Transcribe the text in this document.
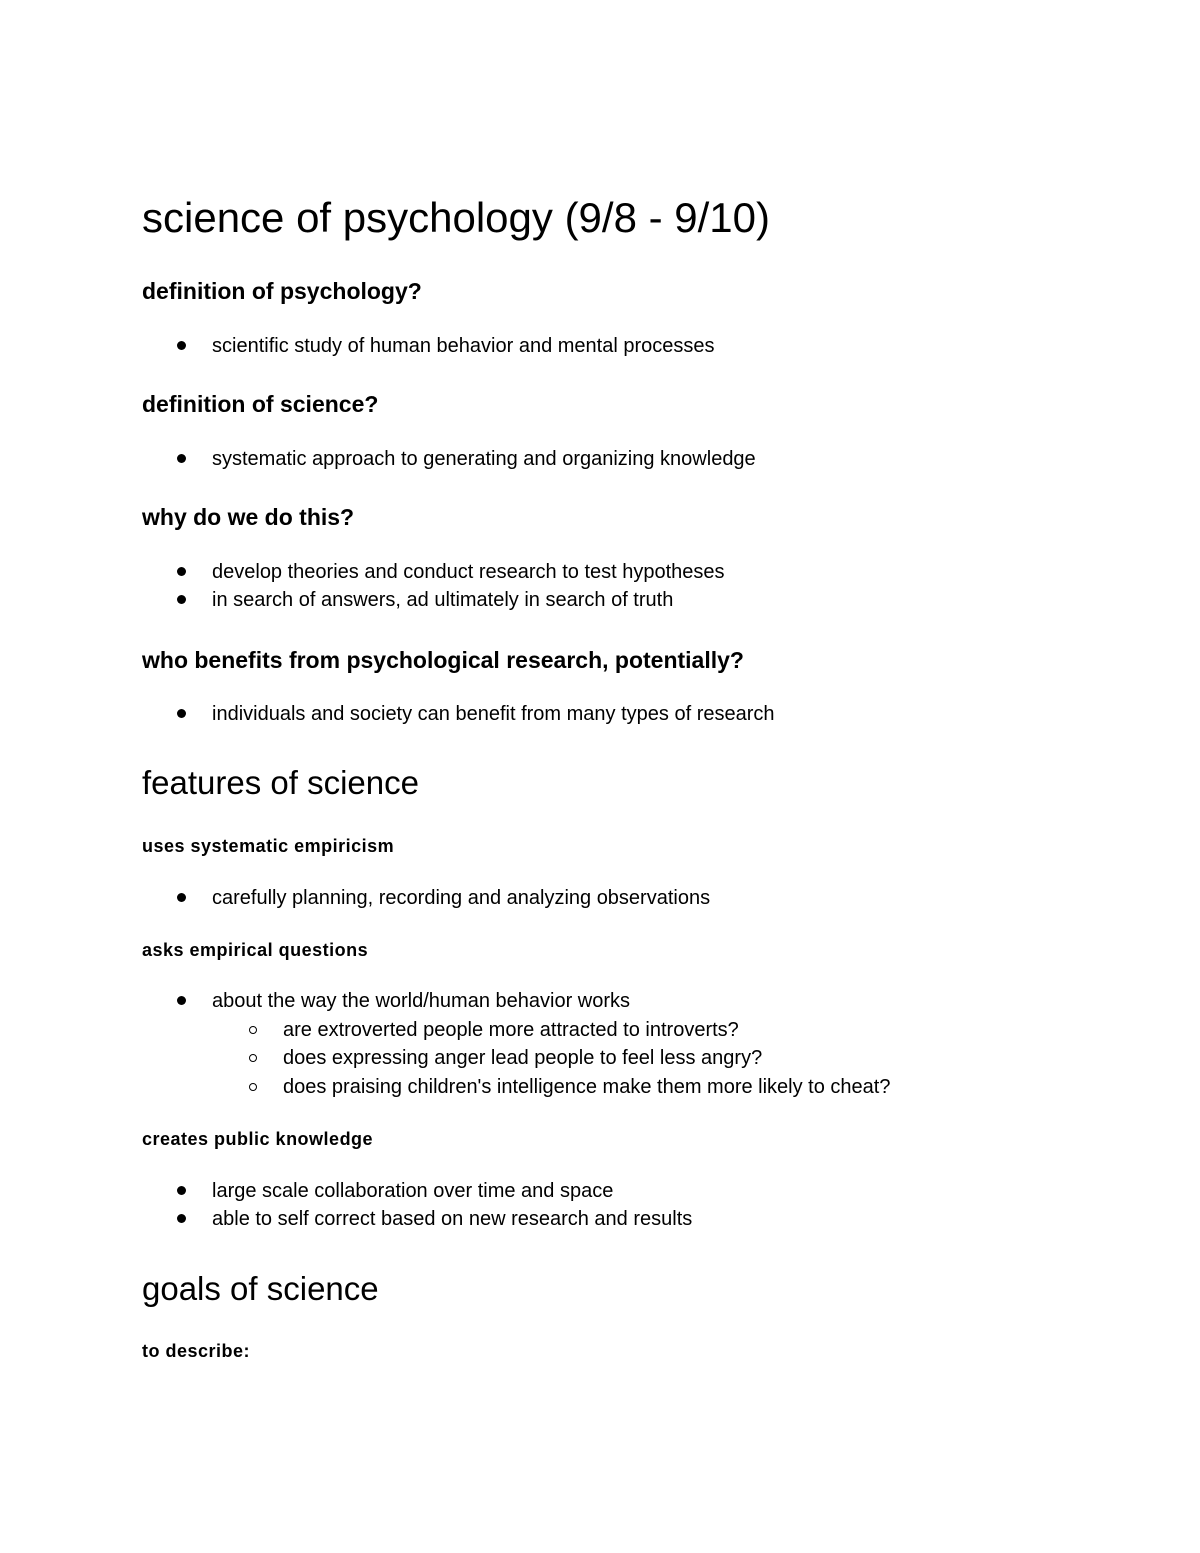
science of psychology (9/8 - 9/10)
definition of psychology?
scientific study of human behavior and mental processes
definition of science?
systematic approach to generating and organizing knowledge
why do we do this?
develop theories and conduct research to test hypotheses
in search of answers, ad ultimately in search of truth
who benefits from psychological research, potentially?
individuals and society can benefit from many types of research
features of science
uses systematic empiricism
carefully planning, recording and analyzing observations
asks empirical questions
about the way the world/human behavior works
are extroverted people more attracted to introverts?
does expressing anger lead people to feel less angry?
does praising children's intelligence make them more likely to cheat?
creates public knowledge
large scale collaboration over time and space
able to self correct based on new research and results
goals of science
to describe:
